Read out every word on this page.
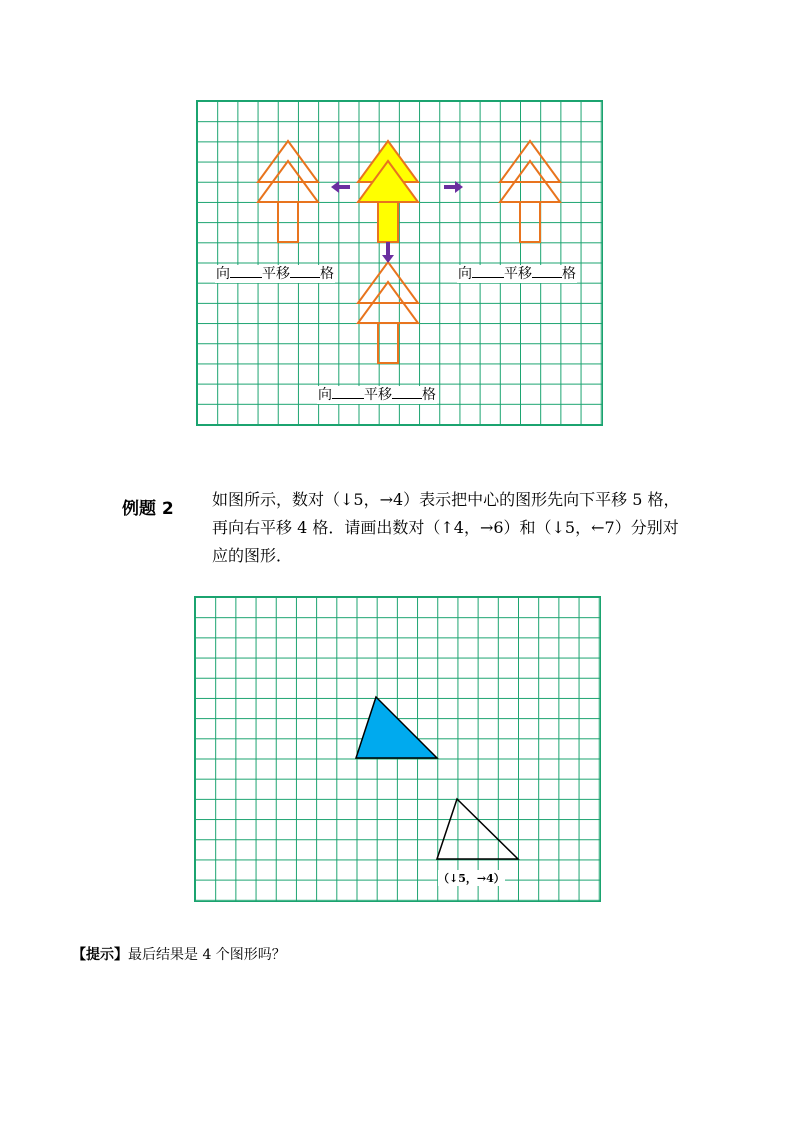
向 平移 格	向 平移 格
向 平移 格
例题 2 如图所示，数对（↓5，→4）表示把中心的图形先向下平移 5 格，再向右平移 4 格．请画出数对（↑4，→6）和（↓5，←7）分别对应的图形．
（↓5，→4）
【提示】最后结果是 4 个图形吗？
